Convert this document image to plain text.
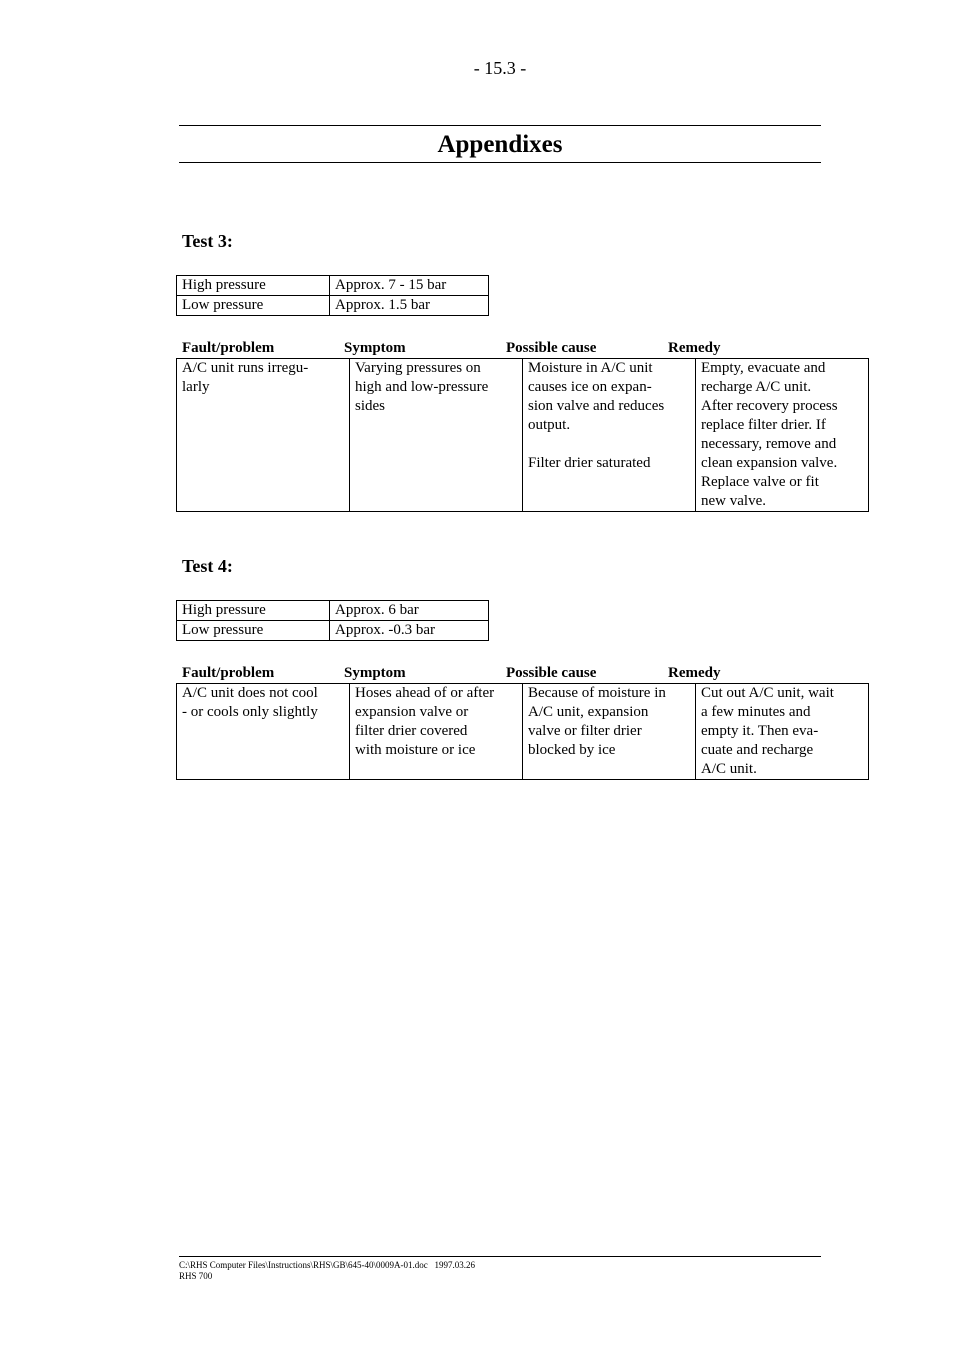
- 15.3 -
Appendixes
Test 3:
High pressure	Approx. 7 - 15 bar
Low pressure	Approx. 1.5 bar
Fault/problem	Symptom	Possible cause	Remedy
A/C unit runs irregu-
larly	Varying pressures on
high and low-pressure
sides	Moisture in A/C unit
causes ice on expan-
sion valve and reduces
output.

Filter drier saturated	Empty, evacuate and
recharge A/C unit.
After recovery process
replace filter drier. If
necessary, remove and
clean expansion valve.
Replace valve or fit
new valve.
Test 4:
High pressure	Approx. 6 bar
Low pressure	Approx. -0.3 bar
Fault/problem	Symptom	Possible cause	Remedy
A/C unit does not cool
- or cools only slightly	Hoses ahead of or after
expansion valve or
filter drier covered
with moisture or ice	Because of moisture in
A/C unit, expansion
valve or filter drier
blocked by ice	Cut out A/C unit, wait
a few minutes and
empty it. Then eva-
cuate and recharge
A/C unit.
C:\RHS Computer Files\Instructions\RHS\GB\645-40\0009A-01.doc   1997.03.26
RHS 700
